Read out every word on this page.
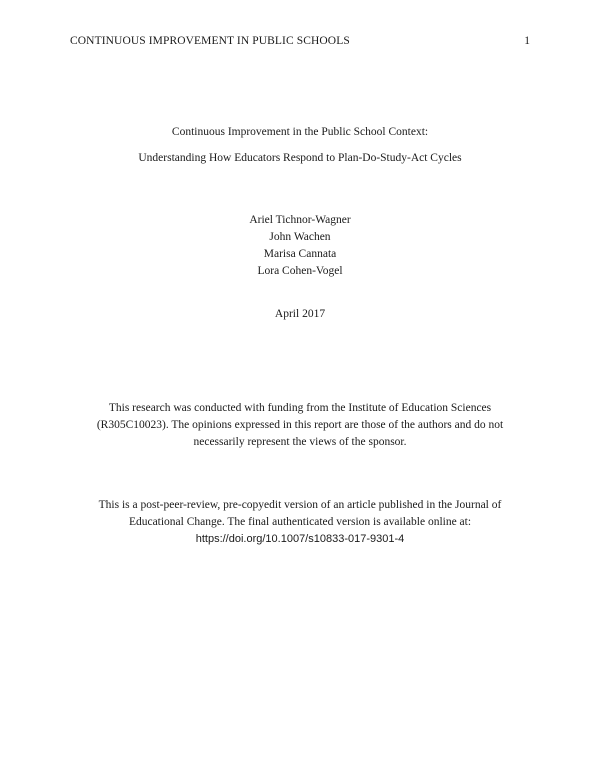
CONTINUOUS IMPROVEMENT IN PUBLIC SCHOOLS	1
Continuous Improvement in the Public School Context:
Understanding How Educators Respond to Plan-Do-Study-Act Cycles
Ariel Tichnor-Wagner
John Wachen
Marisa Cannata
Lora Cohen-Vogel
April 2017
This research was conducted with funding from the Institute of Education Sciences
(R305C10023). The opinions expressed in this report are those of the authors and do not
necessarily represent the views of the sponsor.
This is a post-peer-review, pre-copyedit version of an article published in the Journal of
Educational Change. The final authenticated version is available online at:
https://doi.org/10.1007/s10833-017-9301-4
